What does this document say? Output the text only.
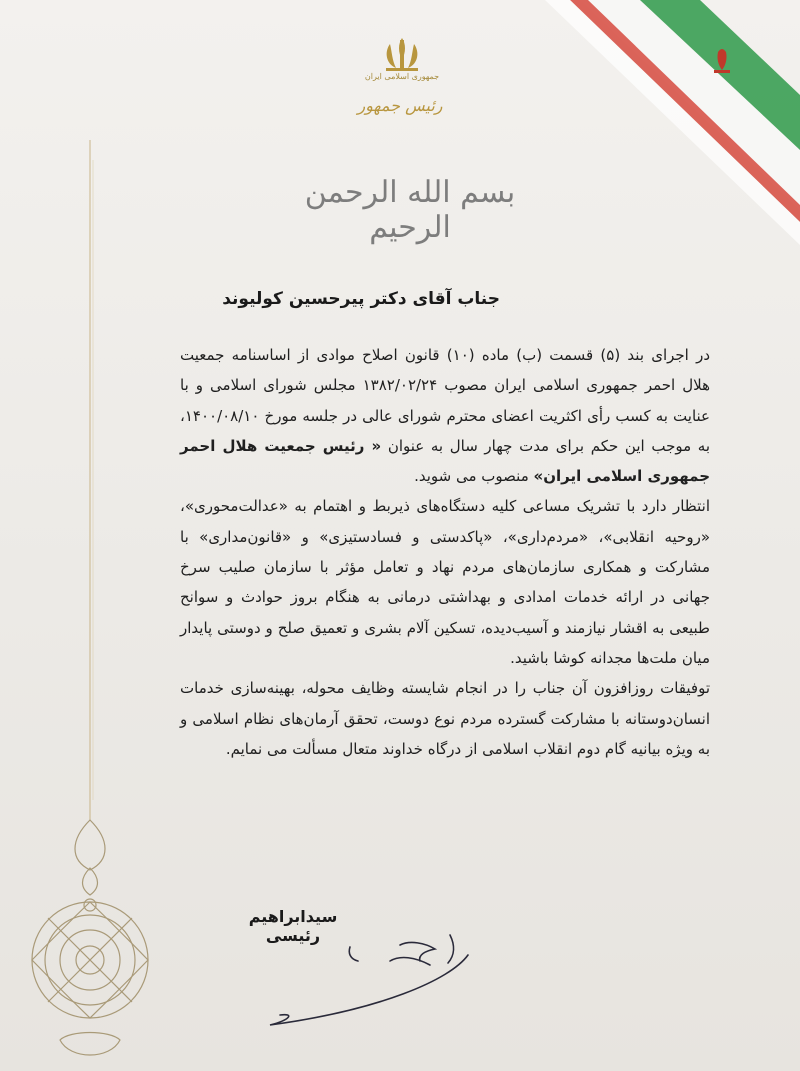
جمهوری اسلامی ایران
رئیس جمهور
بسم الله الرحمن الرحیم
جناب آقای دکتر پیرحسین کولیوند

در اجرای بند (۵) قسمت (ب) ماده (۱۰) قانون اصلاح موادی از اساسنامه جمعیت هلال احمر جمهوری اسلامی ایران مصوب ۱۳۸۲/۰۲/۲۴ مجلس شورای اسلامی و با عنایت به کسب رأی اکثریت اعضای محترم شورای عالی در جلسه مورخ ۱۴۰۰/۰۸/۱۰، به موجب این حکم برای مدت چهار سال به عنوان « رئیس جمعیت هلال احمر جمهوری اسلامی ایران» منصوب می شوید.

انتظار دارد با تشریک مساعی کلیه دستگاه‌های ذیربط و اهتمام به «عدالت‌محوری»، «روحیه انقلابی»، «مردم‌داری»، «پاکدستی و فسادستیزی» و «قانون‌مداری» با مشارکت و همکاری سازمان‌های مردم نهاد و تعامل مؤثر با سازمان صلیب سرخ جهانی در ارائه خدمات امدادی و بهداشتی درمانی به هنگام بروز حوادث و سوانح طبیعی به اقشار نیازمند و آسیب‌دیده، تسکین آلام بشری و تعمیق صلح و دوستی پایدار میان ملت‌ها مجدانه کوشا باشید.

توفیقات روزافزون آن جناب را در انجام شایسته وظایف محوله، بهینه‌سازی خدمات انسان‌دوستانه با مشارکت گسترده مردم نوع دوست، تحقق آرمان‌های نظام اسلامی و به ویژه بیانیه گام دوم انقلاب اسلامی از درگاه خداوند متعال مسألت می نمایم.

سیدابراهیم رئیسی
